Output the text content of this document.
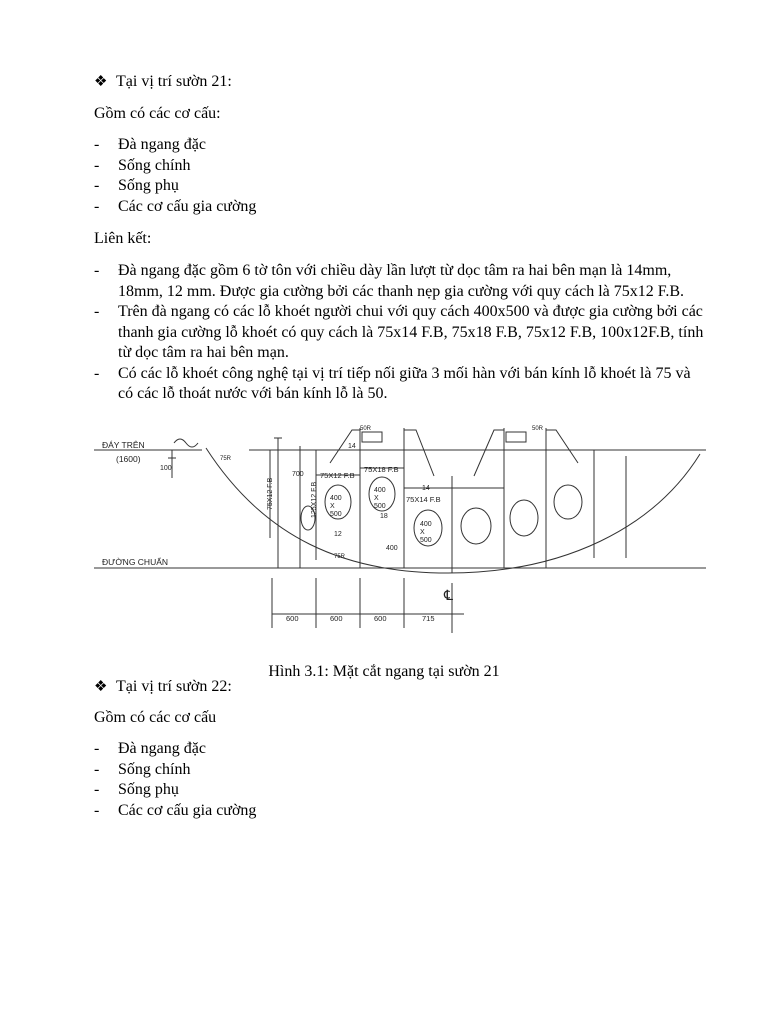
❖ Tại vị trí sườn 21:

Gồm có các cơ cấu:

- Đà ngang đặc
- Sống chính
- Sống phụ
- Các cơ cấu gia cường

Liên kết:

- Đà ngang đặc gồm 6 tờ tôn với chiều dày lần lượt từ dọc tâm ra hai bên mạn là 14mm, 18mm, 12 mm. Được gia cường bởi các thanh nẹp gia cường với quy cách là 75x12 F.B.
- Trên đà ngang có các lỗ khoét người chui với quy cách 400x500 và được gia cường bởi các thanh gia cường lỗ khoét có quy cách là 75x14 F.B, 75x18 F.B, 75x12 F.B, 100x12F.B, tính từ dọc tâm ra hai bên mạn.
- Có các lỗ khoét công nghệ tại vị trí tiếp nối giữa 3 mối hàn với bán kính lỗ khoét là 75 và có các lỗ thoát nước với bán kính lỗ là 50.
ĐÁY TRÊN
(1600)
ĐƯỜNG CHUẨN
100
700
400
75X12 F.B	125X12 F.B
75X12 F.B
75X18 F.B
75X14 F.B
14
14
18
12
50R	50R
75R
75R
400 X 500
400 X 500
400 X 500
600	600	600	715
℄

Hình 3.1: Mặt cắt ngang tại sườn 21

❖ Tại vị trí sườn 22:

Gồm có các cơ cấu

- Đà ngang đặc
- Sống chính
- Sống phụ
- Các cơ cấu gia cường
